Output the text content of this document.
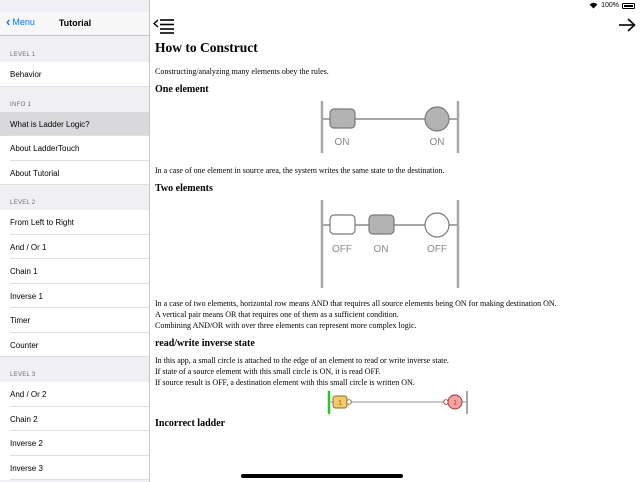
100%
‹ Menu	Tutorial
LEVEL 1
Behavior
INFO 1
What is Ladder Logic?
About LadderTouch
About Tutorial
LEVEL 2
From Left to Right
And / Or 1
Chain 1
Inverse 1
Timer
Counter
LEVEL 3
And / Or 2
Chain 2
Inverse 2
Inverse 3
How to Construct

Constructing/analyzing many elements obey the rules.

One element
ON	ON

In a case of one element in source area, the system writes the same state to the destination.

Two elements
OFF ON	OFF

In a case of two elements, horizontal row means AND that requires all source elements being ON for making destination ON.

A vertical pair means OR that requires one of them as a sufficient condition.

Combining AND/OR with over three elements can represent more complex logic.

read/write inverse state

In this app, a small circle is attached to the edge of an element to read or write inverse state.

If state of a source element with this small circle is ON, it is read OFF.

If source result is OFF, a destination element with this small circle is written ON.

1	1
Incorrect ladder
